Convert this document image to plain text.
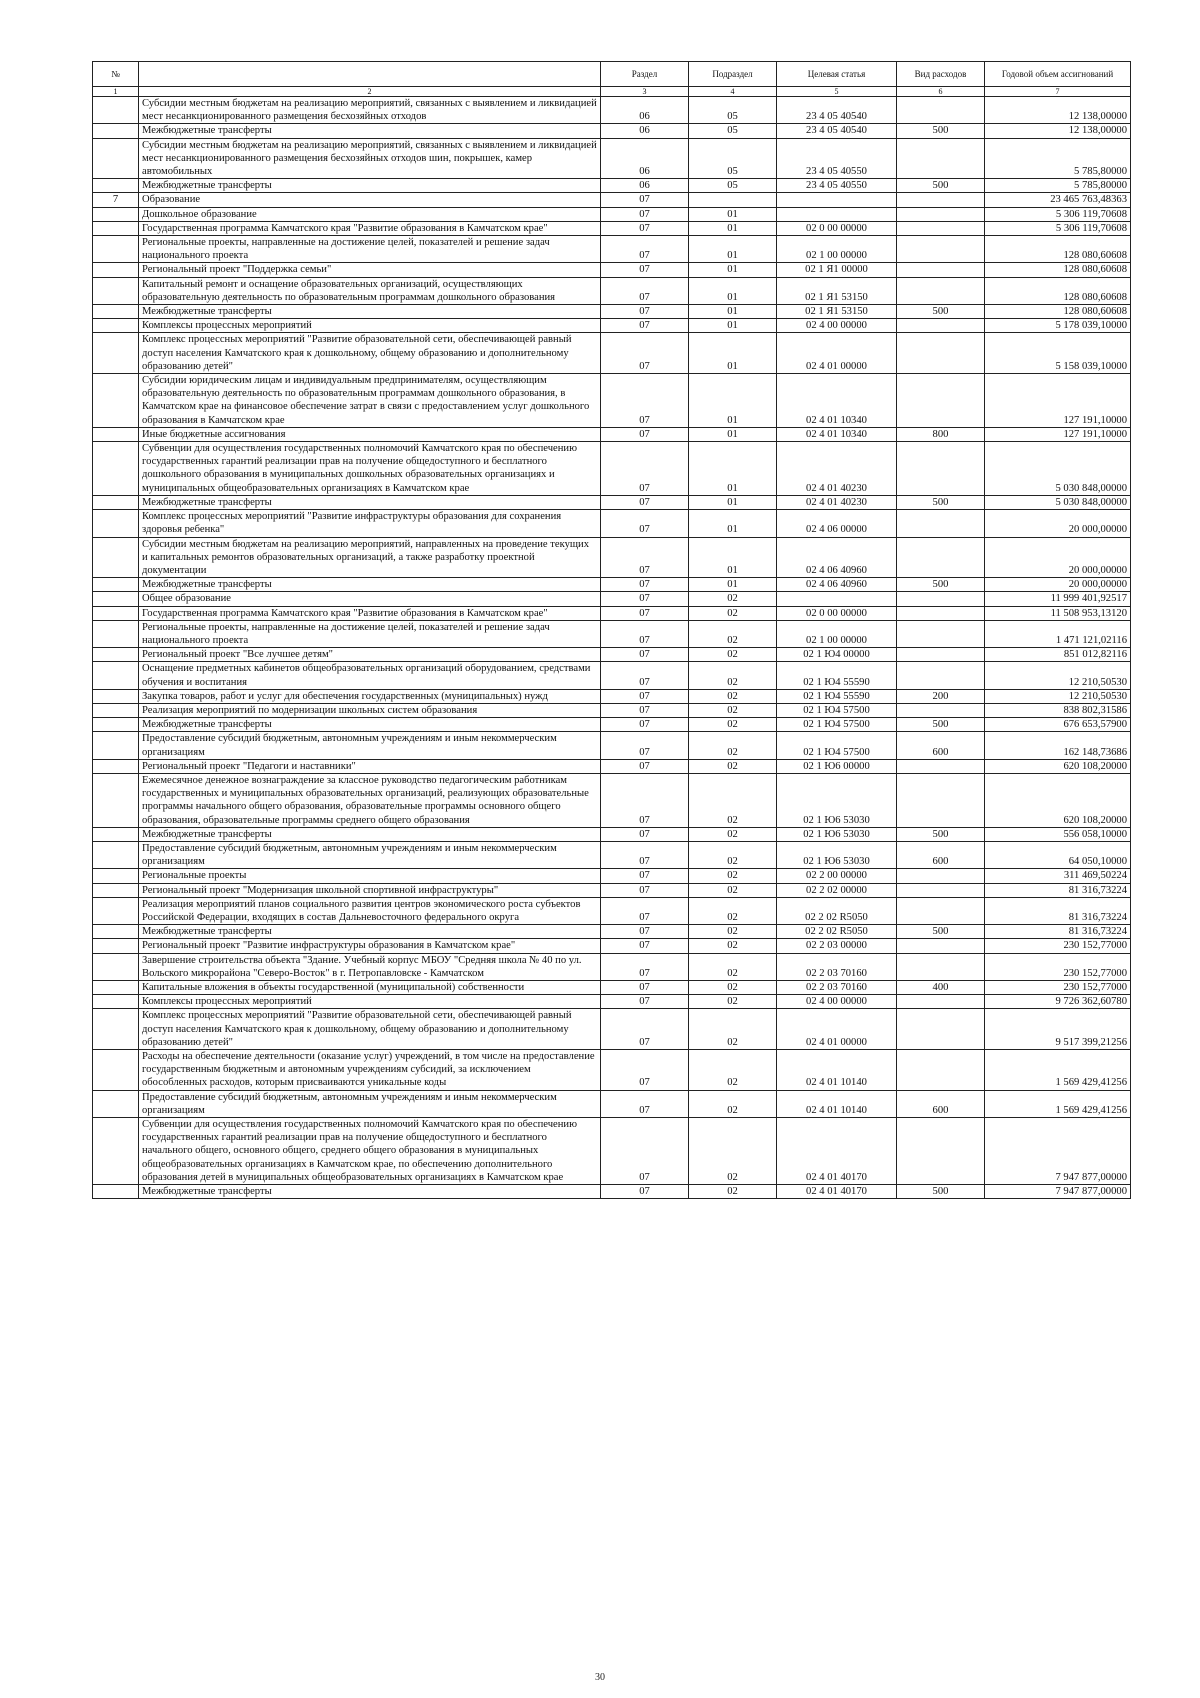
№		Раздел	Подраздел	Целевая статья	Вид расходов	Годовой объем ассигнований
1	2	3	4	5	6	7
	Субсидии местным бюджетам на реализацию мероприятий, связанных с выявлением и ликвидацией мест несанкционированного размещения бесхозяйных отходов	06	05	23 4 05 40540		12 138,00000
	Межбюджетные трансферты	06	05	23 4 05 40540	500	12 138,00000
	Субсидии местным бюджетам на реализацию мероприятий, связанных с выявлением и ликвидацией мест несанкционированного размещения бесхозяйных отходов шин, покрышек, камер автомобильных	06	05	23 4 05 40550		5 785,80000
	Межбюджетные трансферты	06	05	23 4 05 40550	500	5 785,80000
7	Образование	07				23 465 763,48363
	Дошкольное образование	07	01			5 306 119,70608
	Государственная программа Камчатского края "Развитие образования в Камчатском крае"	07	01	02 0 00 00000		5 306 119,70608
	Региональные проекты, направленные на достижение целей, показателей и решение задач национального проекта	07	01	02 1 00 00000		128 080,60608
	Региональный проект "Поддержка семьи"	07	01	02 1 Я1 00000		128 080,60608
	Капитальный ремонт и оснащение образовательных организаций, осуществляющих образовательную деятельность по образовательным программам дошкольного образования	07	01	02 1 Я1 53150		128 080,60608
	Межбюджетные трансферты	07	01	02 1 Я1 53150	500	128 080,60608
	Комплексы процессных мероприятий	07	01	02 4 00 00000		5 178 039,10000
	Комплекс процессных мероприятий "Развитие образовательной сети, обеспечивающей равный доступ населения Камчатского края к дошкольному, общему образованию и дополнительному образованию детей"	07	01	02 4 01 00000		5 158 039,10000
	Субсидии юридическим лицам и индивидуальным предпринимателям, осуществляющим образовательную деятельность по образовательным программам дошкольного образования, в Камчатском крае на финансовое обеспечение затрат в связи с предоставлением услуг дошкольного образования в Камчатском крае	07	01	02 4 01 10340		127 191,10000
	Иные бюджетные ассигнования	07	01	02 4 01 10340	800	127 191,10000
	Субвенции для осуществления государственных полномочий Камчатского края по обеспечению государственных гарантий реализации прав на получение общедоступного и бесплатного дошкольного образования в муниципальных дошкольных образовательных организациях и муниципальных общеобразовательных организациях в Камчатском крае	07	01	02 4 01 40230		5 030 848,00000
	Межбюджетные трансферты	07	01	02 4 01 40230	500	5 030 848,00000
	Комплекс процессных мероприятий "Развитие инфраструктуры образования для сохранения здоровья ребенка"	07	01	02 4 06 00000		20 000,00000
	Субсидии местным бюджетам на реализацию мероприятий, направленных на проведение текущих и капитальных ремонтов образовательных организаций, а также разработку проектной документации	07	01	02 4 06 40960		20 000,00000
	Межбюджетные трансферты	07	01	02 4 06 40960	500	20 000,00000
	Общее образование	07	02			11 999 401,92517
	Государственная программа Камчатского края "Развитие образования в Камчатском крае"	07	02	02 0 00 00000		11 508 953,13120
	Региональные проекты, направленные на достижение целей, показателей и решение задач национального проекта	07	02	02 1 00 00000		1 471 121,02116
	Региональный проект "Все лучшее детям"	07	02	02 1 Ю4 00000		851 012,82116
	Оснащение предметных кабинетов общеобразовательных организаций оборудованием, средствами обучения и воспитания	07	02	02 1 Ю4 55590		12 210,50530
	Закупка товаров, работ и услуг для обеспечения государственных (муниципальных) нужд	07	02	02 1 Ю4 55590	200	12 210,50530
	Реализация мероприятий по модернизации школьных систем образования	07	02	02 1 Ю4 57500		838 802,31586
	Межбюджетные трансферты	07	02	02 1 Ю4 57500	500	676 653,57900
	Предоставление субсидий бюджетным, автономным учреждениям и иным некоммерческим организациям	07	02	02 1 Ю4 57500	600	162 148,73686
	Региональный проект "Педагоги и наставники"	07	02	02 1 Ю6 00000		620 108,20000
	Ежемесячное денежное вознаграждение за классное руководство педагогическим работникам государственных и муниципальных образовательных организаций, реализующих образовательные программы начального общего образования, образовательные программы основного общего образования, образовательные программы среднего общего образования	07	02	02 1 Ю6 53030		620 108,20000
	Межбюджетные трансферты	07	02	02 1 Ю6 53030	500	556 058,10000
	Предоставление субсидий бюджетным, автономным учреждениям и иным некоммерческим организациям	07	02	02 1 Ю6 53030	600	64 050,10000
	Региональные проекты	07	02	02 2 00 00000		311 469,50224
	Региональный проект "Модернизация школьной спортивной инфраструктуры"	07	02	02 2 02 00000		81 316,73224
	Реализация мероприятий планов социального развития центров экономического роста субъектов Российской Федерации, входящих в состав Дальневосточного федерального округа	07	02	02 2 02 R5050		81 316,73224
	Межбюджетные трансферты	07	02	02 2 02 R5050	500	81 316,73224
	Региональный проект "Развитие инфраструктуры образования в Камчатском крае"	07	02	02 2 03 00000		230 152,77000
	Завершение строительства объекта "Здание. Учебный корпус МБОУ "Средняя школа № 40 по ул. Вольского микрорайона "Северо-Восток" в г. Петропавловске - Камчатском	07	02	02 2 03 70160		230 152,77000
	Капитальные вложения в объекты государственной (муниципальной) собственности	07	02	02 2 03 70160	400	230 152,77000
	Комплексы процессных мероприятий	07	02	02 4 00 00000		9 726 362,60780
	Комплекс процессных мероприятий "Развитие образовательной сети, обеспечивающей равный доступ населения Камчатского края к дошкольному, общему образованию и дополнительному образованию детей"	07	02	02 4 01 00000		9 517 399,21256
	Расходы на обеспечение деятельности (оказание услуг) учреждений, в том числе на предоставление государственным бюджетным и автономным учреждениям субсидий, за исключением обособленных расходов, которым присваиваются уникальные коды	07	02	02 4 01 10140		1 569 429,41256
	Предоставление субсидий бюджетным, автономным учреждениям и иным некоммерческим организациям	07	02	02 4 01 10140	600	1 569 429,41256
	Субвенции для осуществления государственных полномочий Камчатского края по обеспечению государственных гарантий реализации прав на получение общедоступного и бесплатного начального общего, основного общего, среднего общего образования в муниципальных общеобразовательных организациях в Камчатском крае, по обеспечению дополнительного образования детей в муниципальных общеобразовательных организациях в Камчатском крае	07	02	02 4 01 40170		7 947 877,00000
	Межбюджетные трансферты	07	02	02 4 01 40170	500	7 947 877,00000
30
